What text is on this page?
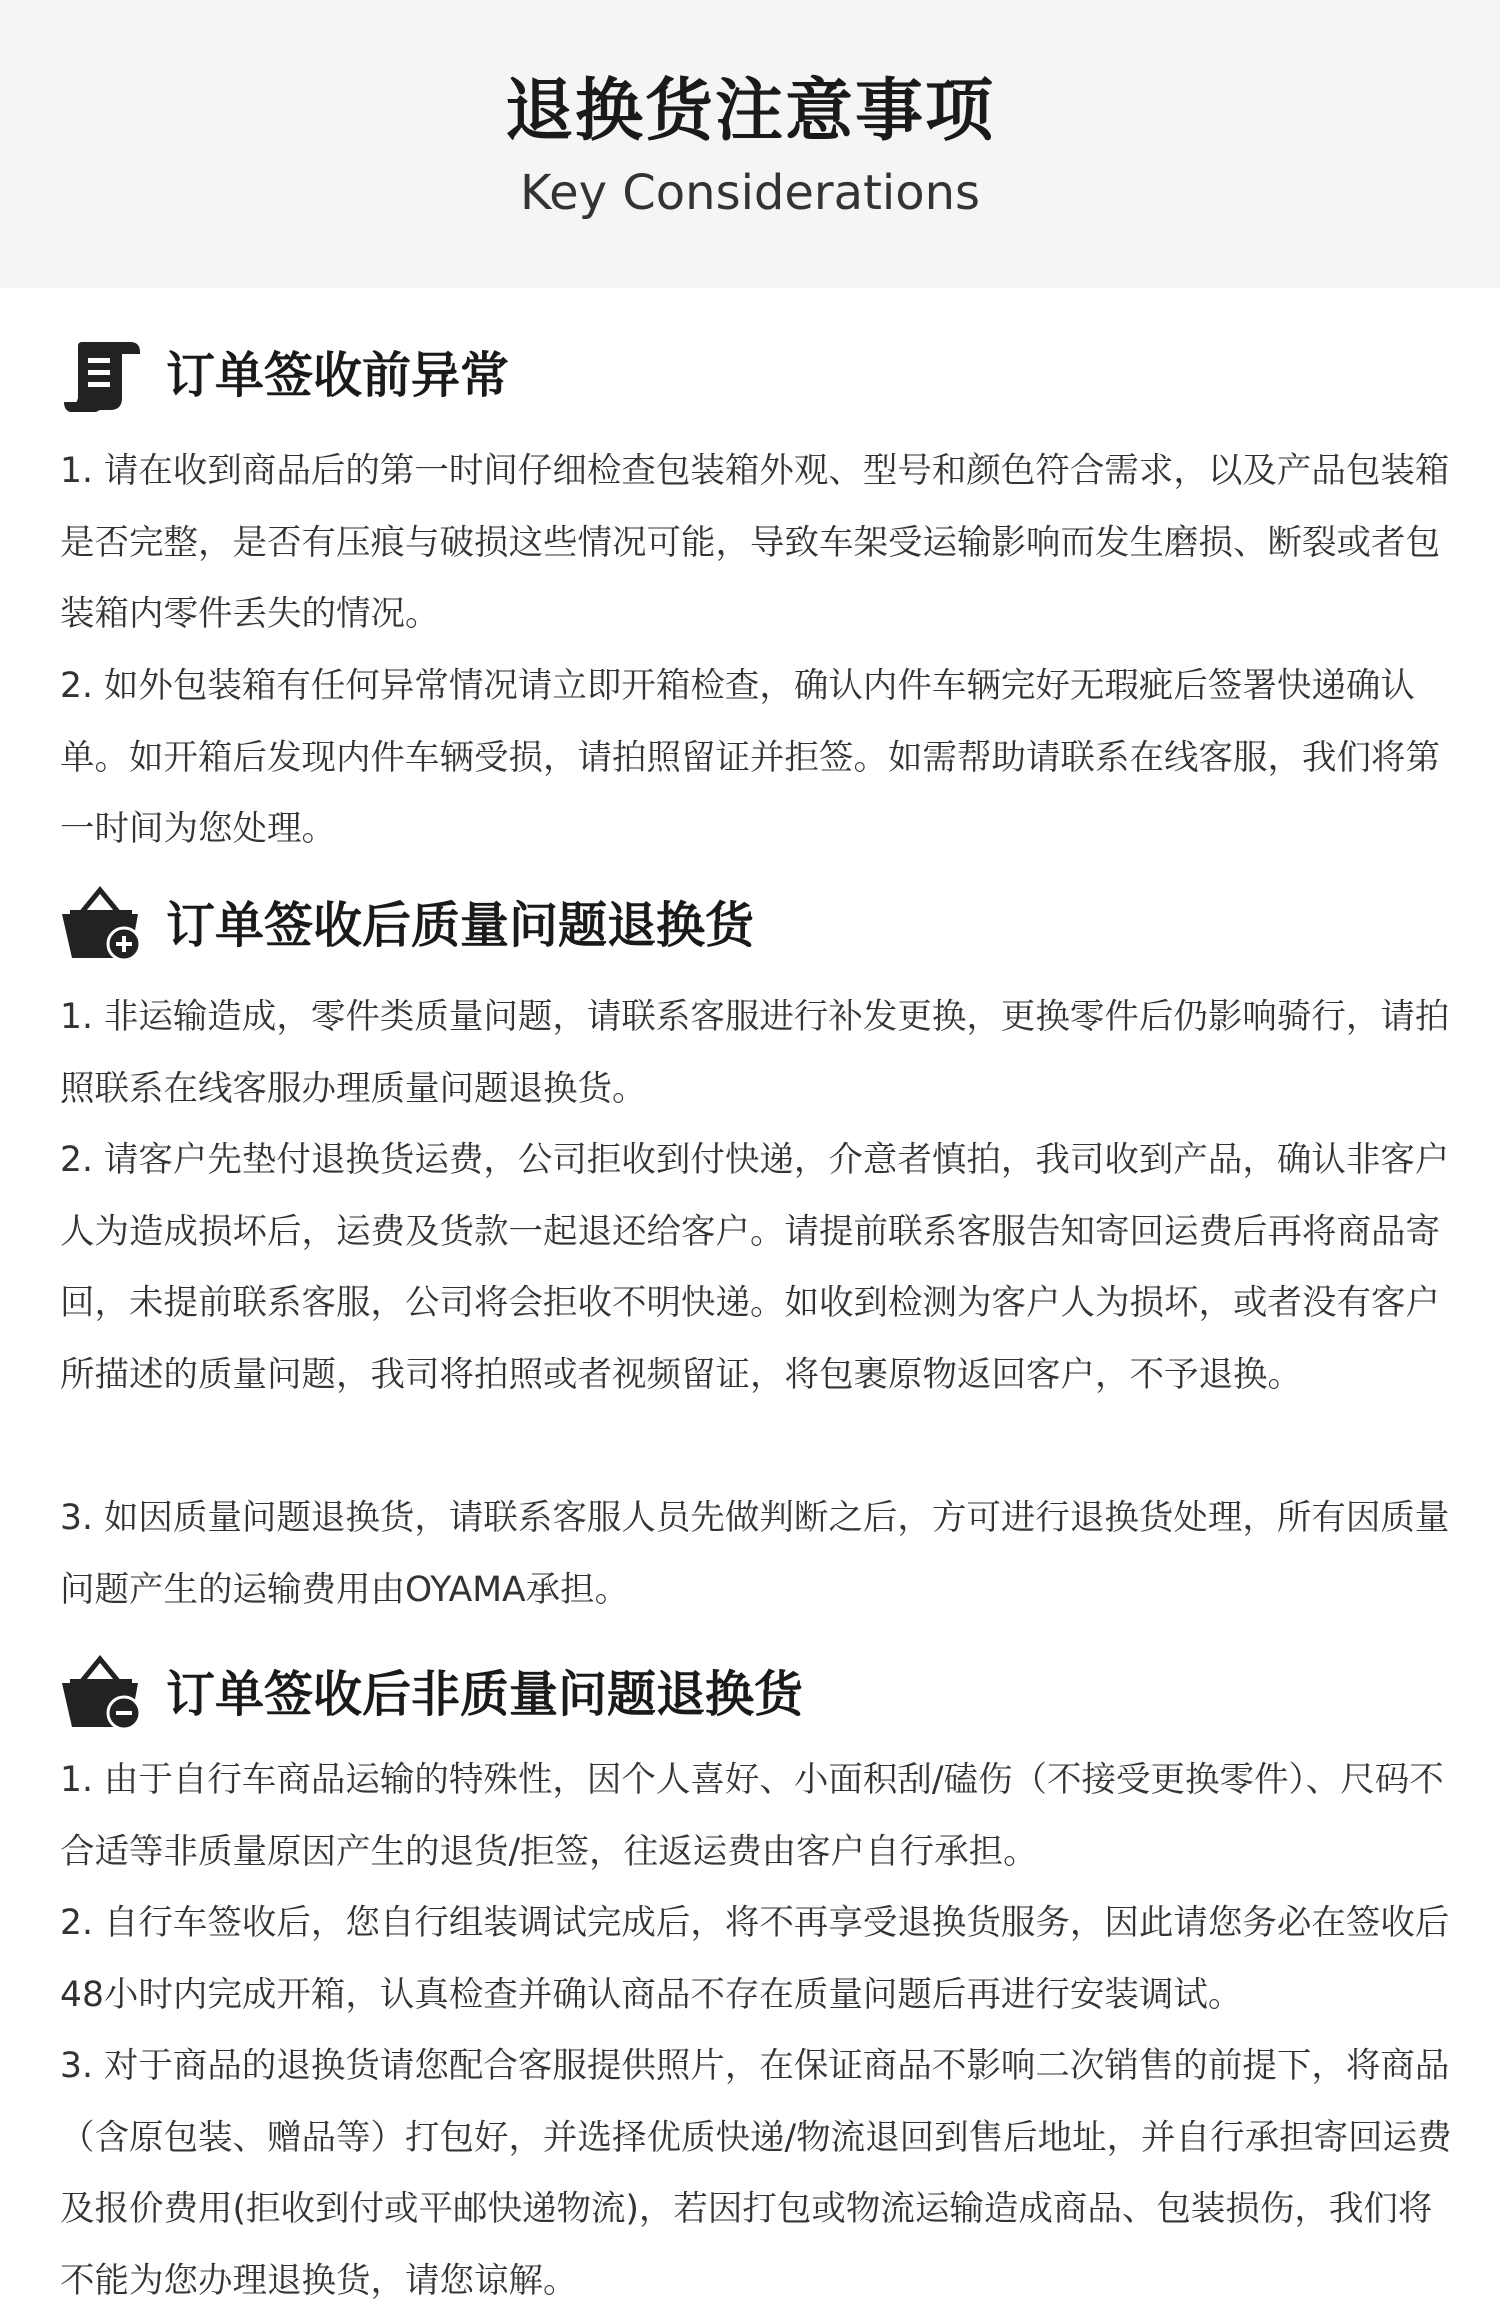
退换货注意事项
Key Considerations
订单签收前异常

1. 请在收到商品后的第一时间仔细检查包装箱外观、型号和颜色符合需求，以及产品包装箱是否完整，是否有压痕与破损这些情况可能，导致车架受运输影响而发生磨损、断裂或者包装箱内零件丢失的情况。

2. 如外包装箱有任何异常情况请立即开箱检查，确认内件车辆完好无瑕疵后签署快递确认单。如开箱后发现内件车辆受损，请拍照留证并拒签。如需帮助请联系在线客服，我们将第一时间为您处理。

订单签收后质量问题退换货

1. 非运输造成，零件类质量问题，请联系客服进行补发更换，更换零件后仍影响骑行，请拍照联系在线客服办理质量问题退换货。

2. 请客户先垫付退换货运费，公司拒收到付快递，介意者慎拍，我司收到产品，确认非客户人为造成损坏后，运费及货款一起退还给客户。请提前联系客服告知寄回运费后再将商品寄回，未提前联系客服，公司将会拒收不明快递。如收到检测为客户人为损坏，或者没有客户所描述的质量问题，我司将拍照或者视频留证，将包裹原物返回客户，不予退换。

3. 如因质量问题退换货，请联系客服人员先做判断之后，方可进行退换货处理，所有因质量问题产生的运输费用由OYAMA承担。

订单签收后非质量问题退换货

1. 由于自行车商品运输的特殊性，因个人喜好、小面积刮/磕伤（不接受更换零件）、尺码不合适等非质量原因产生的退货/拒签，往返运费由客户自行承担。

2. 自行车签收后，您自行组装调试完成后，将不再享受退换货服务，因此请您务必在签收后48小时内完成开箱，认真检查并确认商品不存在质量问题后再进行安装调试。

3. 对于商品的退换货请您配合客服提供照片，在保证商品不影响二次销售的前提下，将商品（含原包装、赠品等）打包好，并选择优质快递/物流退回到售后地址，并自行承担寄回运费及报价费用(拒收到付或平邮快递物流)，若因打包或物流运输造成商品、包装损伤，我们将不能为您办理退换货，请您谅解。
